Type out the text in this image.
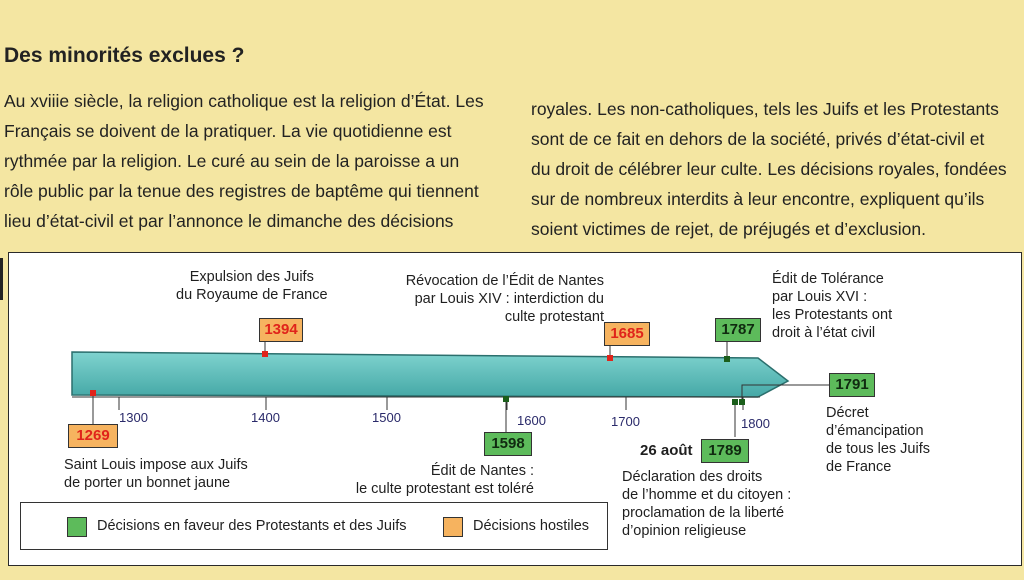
Des minorités exclues ?
Au xviiie siècle, la religion catholique est la religion d’État. Les
Français se doivent de la pratiquer. La vie quotidienne est
rythmée par la religion. Le curé au sein de la paroisse a un
rôle public par la tenue des registres de baptême qui tiennent
lieu d’état-civil et par l’annonce le dimanche des décisions
royales. Les non-catholiques, tels les Juifs et les Protestants
sont de ce fait en dehors de la société, privés d’état-civil et
du droit de célébrer leur culte. Les décisions royales, fondées
sur de nombreux interdits à leur encontre, expliquent qu’ils
soient victimes de rejet, de préjugés et d’exclusion.
1300	1400	1500	1600	1700	1800
Expulsion des Juifs
du Royaume de France
1394
Révocation de l’Édit de Nantes
par Louis XIV : interdiction du
culte protestant
1685	1787
Édit de Tolérance
par Louis XVI :
les Protestants ont
droit à l’état civil
1791
Décret
d’émancipation
de tous les Juifs
de France
1269
Saint Louis impose aux Juifs
de porter un bonnet jaune
1598
Édit de Nantes :
le culte protestant est toléré
26 août	1789
Déclaration des droits
de l’homme et du citoyen :
proclamation de la liberté
d’opinion religieuse
Décisions en faveur des Protestants et des Juifs	Décisions hostiles
